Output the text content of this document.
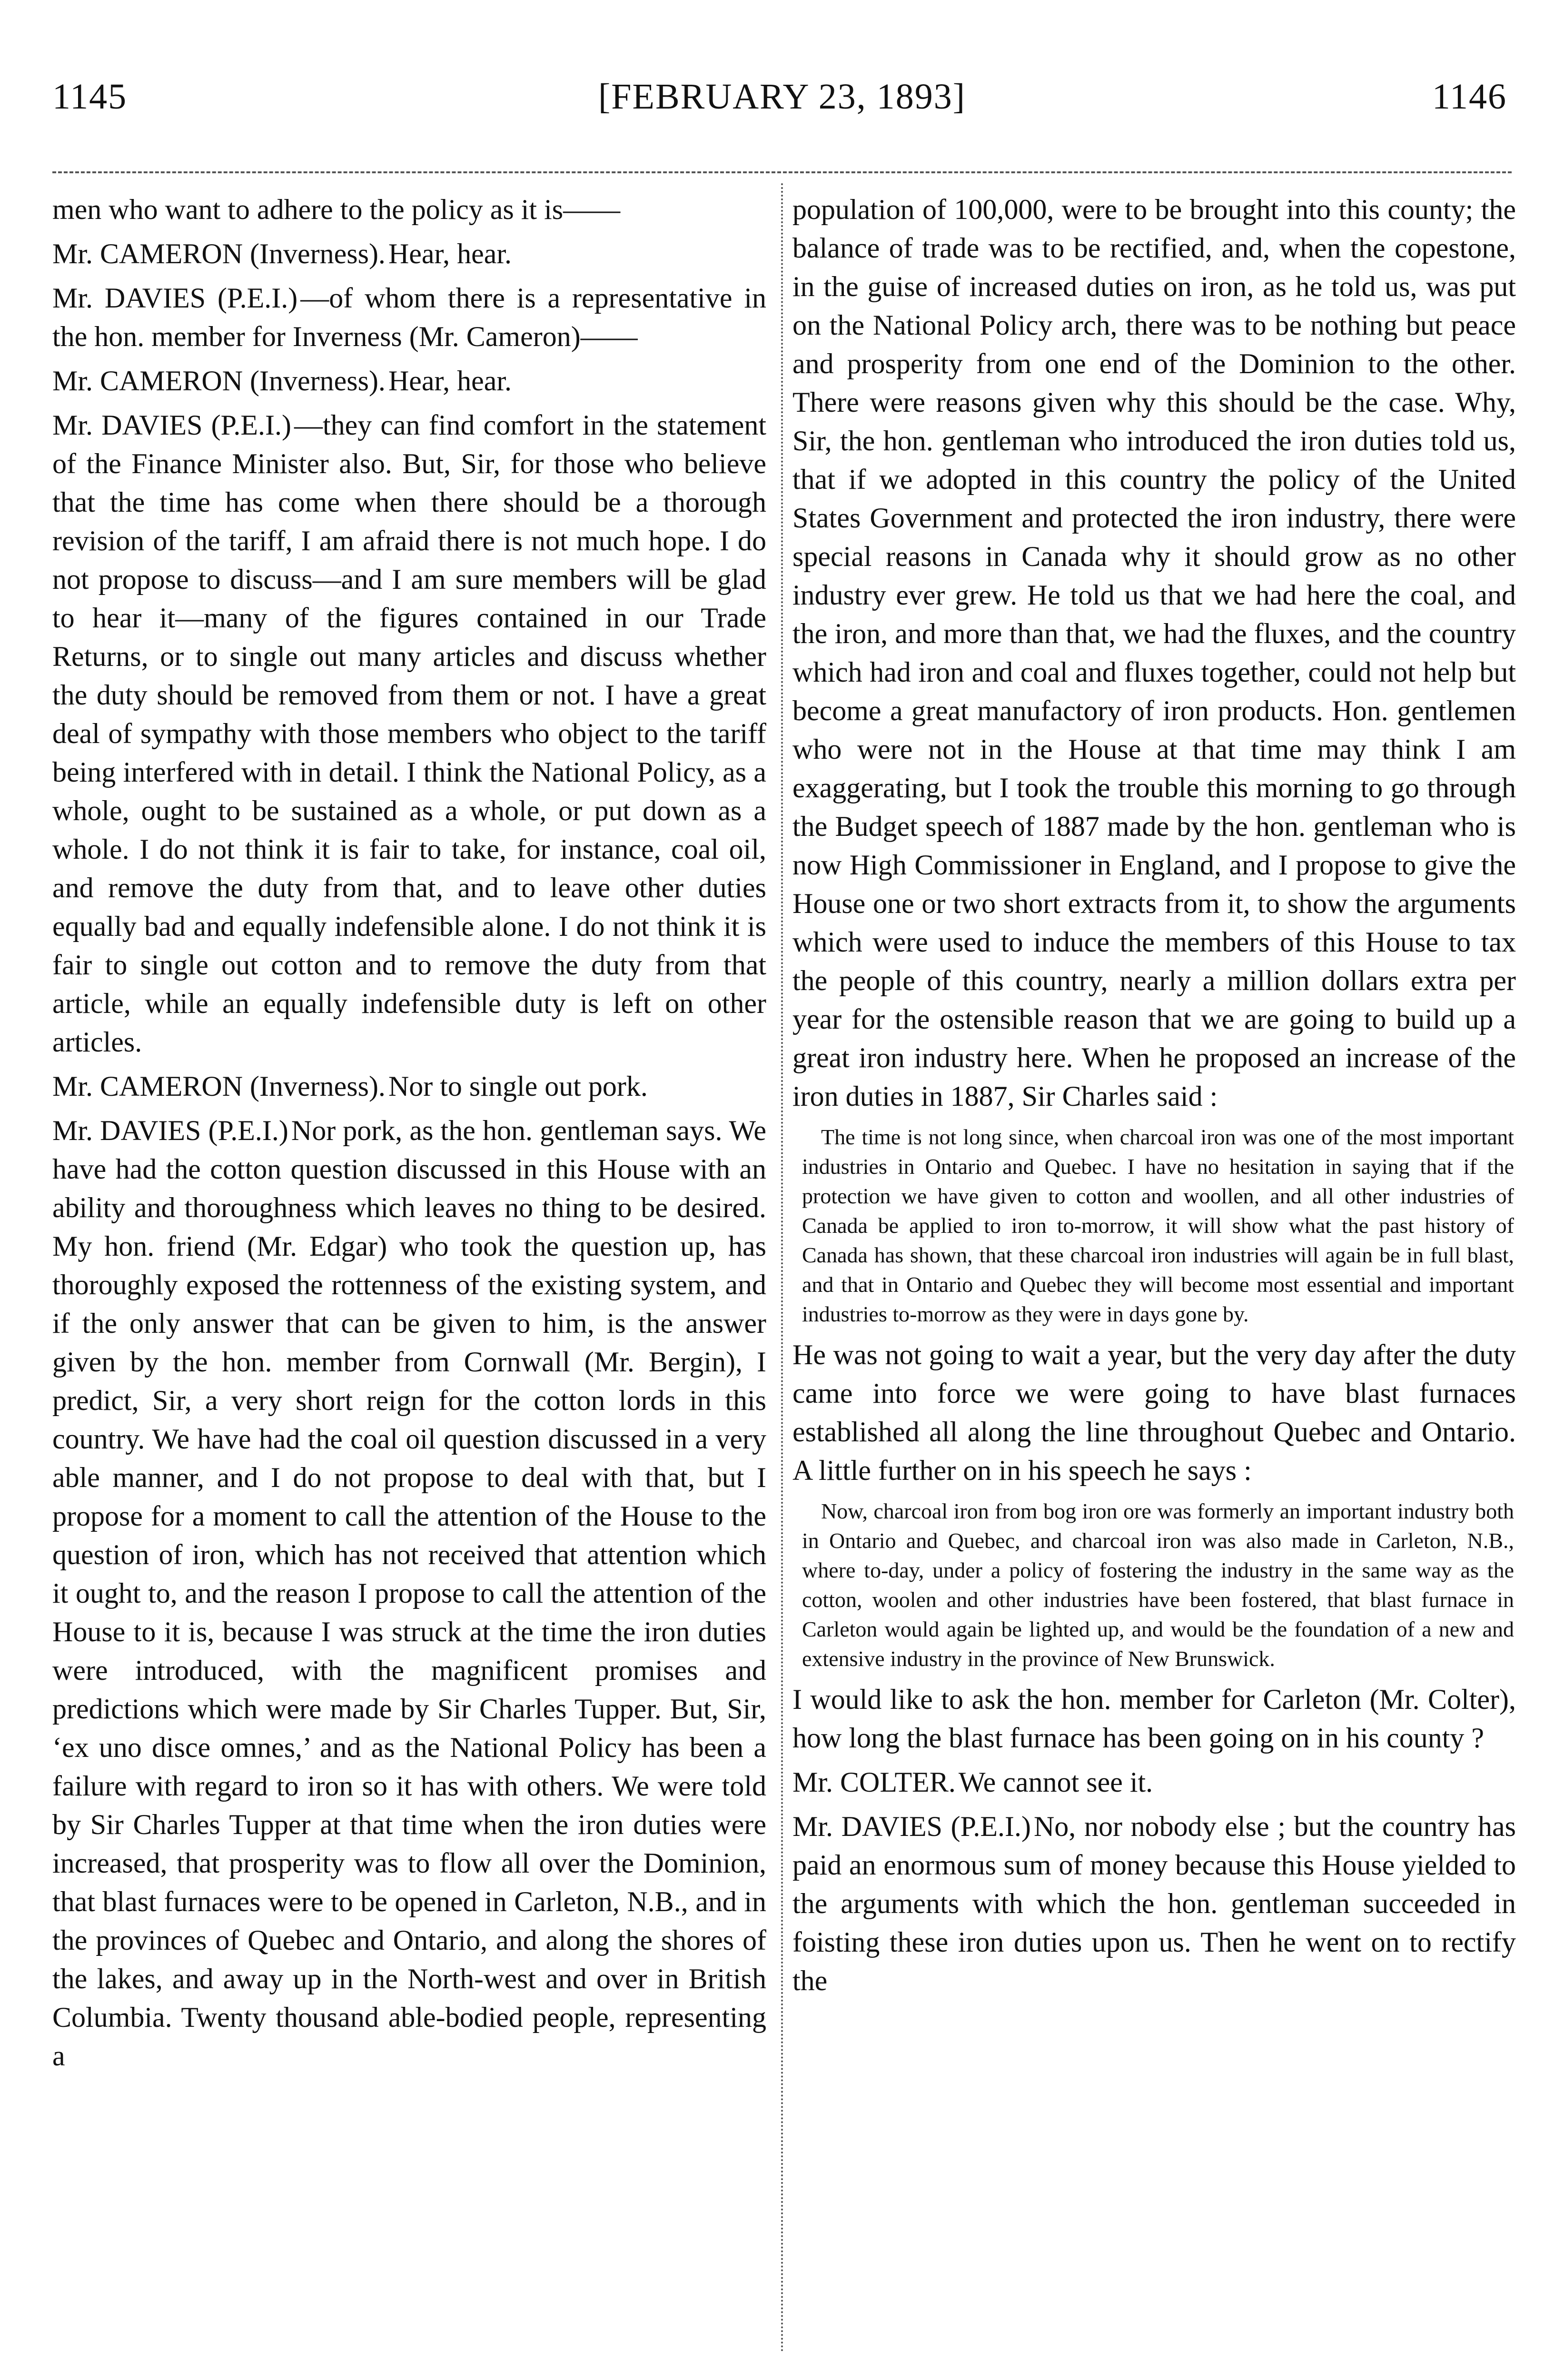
1145	[FEBRUARY 23, 1893]	1146

men who want to adhere to the policy as it is——

Mr. CAMERON (Inverness). Hear, hear.

Mr. DAVIES (P.E.I.) —of whom there is a representative in the hon. member for Inverness (Mr. Cameron)——

Mr. CAMERON (Inverness). Hear, hear.

Mr. DAVIES (P.E.I.) —they can find comfort in the statement of the Finance Minister also. But, Sir, for those who believe that the time has come when there should be a thorough revision of the tariff, I am afraid there is not much hope. I do not propose to discuss—and I am sure members will be glad to hear it—many of the figures contained in our Trade Returns, or to single out many articles and discuss whether the duty should be removed from them or not. I have a great deal of sympathy with those members who object to the tariff being interfered with in detail. I think the National Policy, as a whole, ought to be sustained as a whole, or put down as a whole. I do not think it is fair to take, for instance, coal oil, and remove the duty from that, and to leave other duties equally bad and equally indefensible alone. I do not think it is fair to single out cotton and to remove the duty from that article, while an equally indefensible duty is left on other articles.

Mr. CAMERON (Inverness). Nor to single out pork.

Mr. DAVIES (P.E.I.) Nor pork, as the hon. gentleman says. We have had the cotton question discussed in this House with an ability and thoroughness which leaves no thing to be desired. My hon. friend (Mr. Edgar) who took the question up, has thoroughly exposed the rottenness of the existing system, and if the only answer that can be given to him, is the answer given by the hon. member from Cornwall (Mr. Bergin), I predict, Sir, a very short reign for the cotton lords in this country. We have had the coal oil question discussed in a very able manner, and I do not propose to deal with that, but I propose for a moment to call the attention of the House to the question of iron, which has not received that attention which it ought to, and the reason I propose to call the attention of the House to it is, because I was struck at the time the iron duties were introduced, with the magnificent promises and predictions which were made by Sir Charles Tupper. But, Sir, ‘ex uno disce omnes,’ and as the National Policy has been a failure with regard to iron so it has with others. We were told by Sir Charles Tupper at that time when the iron duties were increased, that prosperity was to flow all over the Dominion, that blast furnaces were to be opened in Carleton, N.B., and in the provinces of Quebec and Ontario, and along the shores of the lakes, and away up in the North-west and over in British Columbia. Twenty thousand able-bodied people, representing a

population of 100,000, were to be brought into this county; the balance of trade was to be rectified, and, when the copestone, in the guise of increased duties on iron, as he told us, was put on the National Policy arch, there was to be nothing but peace and prosperity from one end of the Dominion to the other. There were reasons given why this should be the case. Why, Sir, the hon. gentleman who introduced the iron duties told us, that if we adopted in this country the policy of the United States Government and protected the iron industry, there were special reasons in Canada why it should grow as no other industry ever grew. He told us that we had here the coal, and the iron, and more than that, we had the fluxes, and the country which had iron and coal and fluxes together, could not help but become a great manufactory of iron products. Hon. gentlemen who were not in the House at that time may think I am exaggerating, but I took the trouble this morning to go through the Budget speech of 1887 made by the hon. gentleman who is now High Commissioner in England, and I propose to give the House one or two short extracts from it, to show the arguments which were used to induce the members of this House to tax the people of this country, nearly a million dollars extra per year for the ostensible reason that we are going to build up a great iron industry here. When he proposed an increase of the iron duties in 1887, Sir Charles said :

The time is not long since, when charcoal iron was one of the most important industries in Ontario and Quebec. I have no hesitation in saying that if the protection we have given to cotton and woollen, and all other industries of Canada be applied to iron to-morrow, it will show what the past history of Canada has shown, that these charcoal iron industries will again be in full blast, and that in Ontario and Quebec they will become most essential and important industries to-morrow as they were in days gone by.

He was not going to wait a year, but the very day after the duty came into force we were going to have blast furnaces established all along the line throughout Quebec and Ontario. A little further on in his speech he says :

Now, charcoal iron from bog iron ore was formerly an important industry both in Ontario and Quebec, and charcoal iron was also made in Carleton, N.B., where to-day, under a policy of fostering the industry in the same way as the cotton, woolen and other industries have been fostered, that blast furnace in Carleton would again be lighted up, and would be the foundation of a new and extensive industry in the province of New Brunswick.

I would like to ask the hon. member for Carleton (Mr. Colter), how long the blast furnace has been going on in his county ?

Mr. COLTER. We cannot see it.

Mr. DAVIES (P.E.I.) No, nor nobody else ; but the country has paid an enormous sum of money because this House yielded to the arguments with which the hon. gentleman succeeded in foisting these iron duties upon us. Then he went on to rectify the
